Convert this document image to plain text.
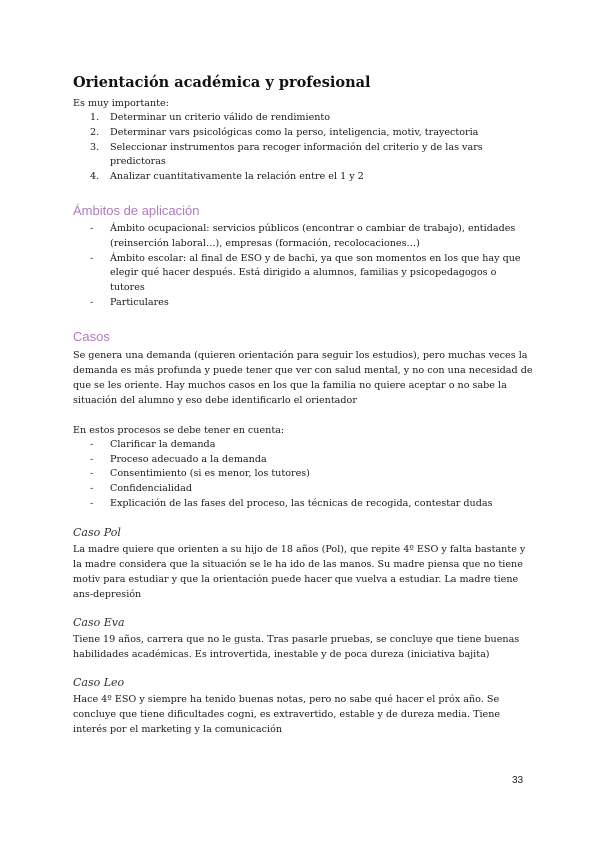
Orientación académica y profesional

Es muy importante:

1. Determinar un criterio válido de rendimiento
2. Determinar vars psicológicas como la perso, inteligencia, motiv, trayectoria
3. Seleccionar instrumentos para recoger información del criterio y de las vars predictoras
4. Analizar cuantitativamente la relación entre el 1 y 2
Ámbitos de aplicación
- Ámbito ocupacional: servicios públicos (encontrar o cambiar de trabajo), entidades (reinserción laboral…), empresas (formación, recolocaciones…)
- Ámbito escolar: al final de ESO y de bachi, ya que son momentos en los que hay que elegir qué hacer después. Está dirigido a alumnos, familias y psicopedagogos o tutores
- Particulares
Casos

Se genera una demanda (quieren orientación para seguir los estudios), pero muchas veces la demanda es más profunda y puede tener que ver con salud mental, y no con una necesidad de que se les oriente. Hay muchos casos en los que la familia no quiere aceptar o no sabe la situación del alumno y eso debe identificarlo el orientador

En estos procesos se debe tener en cuenta:

- Clarificar la demanda
- Proceso adecuado a la demanda
- Consentimiento (si es menor, los tutores)
- Confidencialidad
- Explicación de las fases del proceso, las técnicas de recogida, contestar dudas
Caso Pol

La madre quiere que orienten a su hijo de 18 años (Pol), que repite 4º ESO y falta bastante y la madre considera que la situación se le ha ido de las manos. Su madre piensa que no tiene motiv para estudiar y que la orientación puede hacer que vuelva a estudiar. La madre tiene ans-depresión

Caso Eva

Tiene 19 años, carrera que no le gusta. Tras pasarle pruebas, se concluye que tiene buenas habilidades académicas. Es introvertida, inestable y de poca dureza (iniciativa bajita)

Caso Leo

Hace 4º ESO y siempre ha tenido buenas notas, pero no sabe qué hacer el próx año. Se concluye que tiene dificultades cogni, es extravertido, estable y de dureza media. Tiene interés por el marketing y la comunicación

33
